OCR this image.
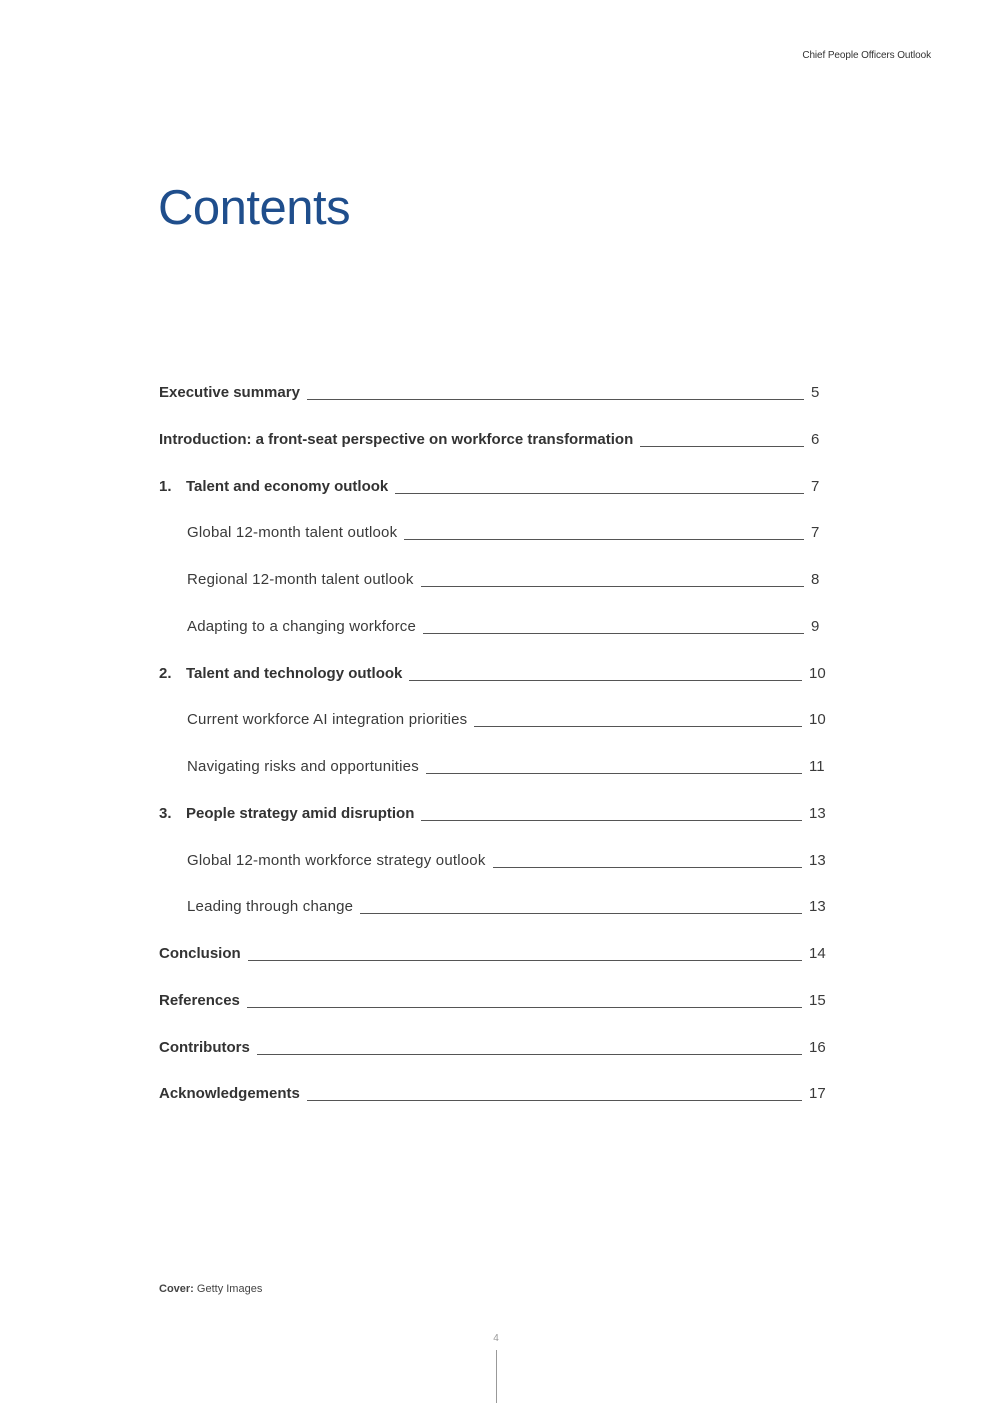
Chief People Officers Outlook
Contents
Executive summary	5
Introduction: a front-seat perspective on workforce transformation	6
1. Talent and economy outlook	7
Global 12-month talent outlook	7
Regional 12-month talent outlook	8
Adapting to a changing workforce	9
2. Talent and technology outlook	10
Current workforce AI integration priorities	10
Navigating risks and opportunities	11
3. People strategy amid disruption	13
Global 12-month workforce strategy outlook	13
Leading through change	13
Conclusion	14
References	15
Contributors	16
Acknowledgements	17
Cover: Getty Images
4
